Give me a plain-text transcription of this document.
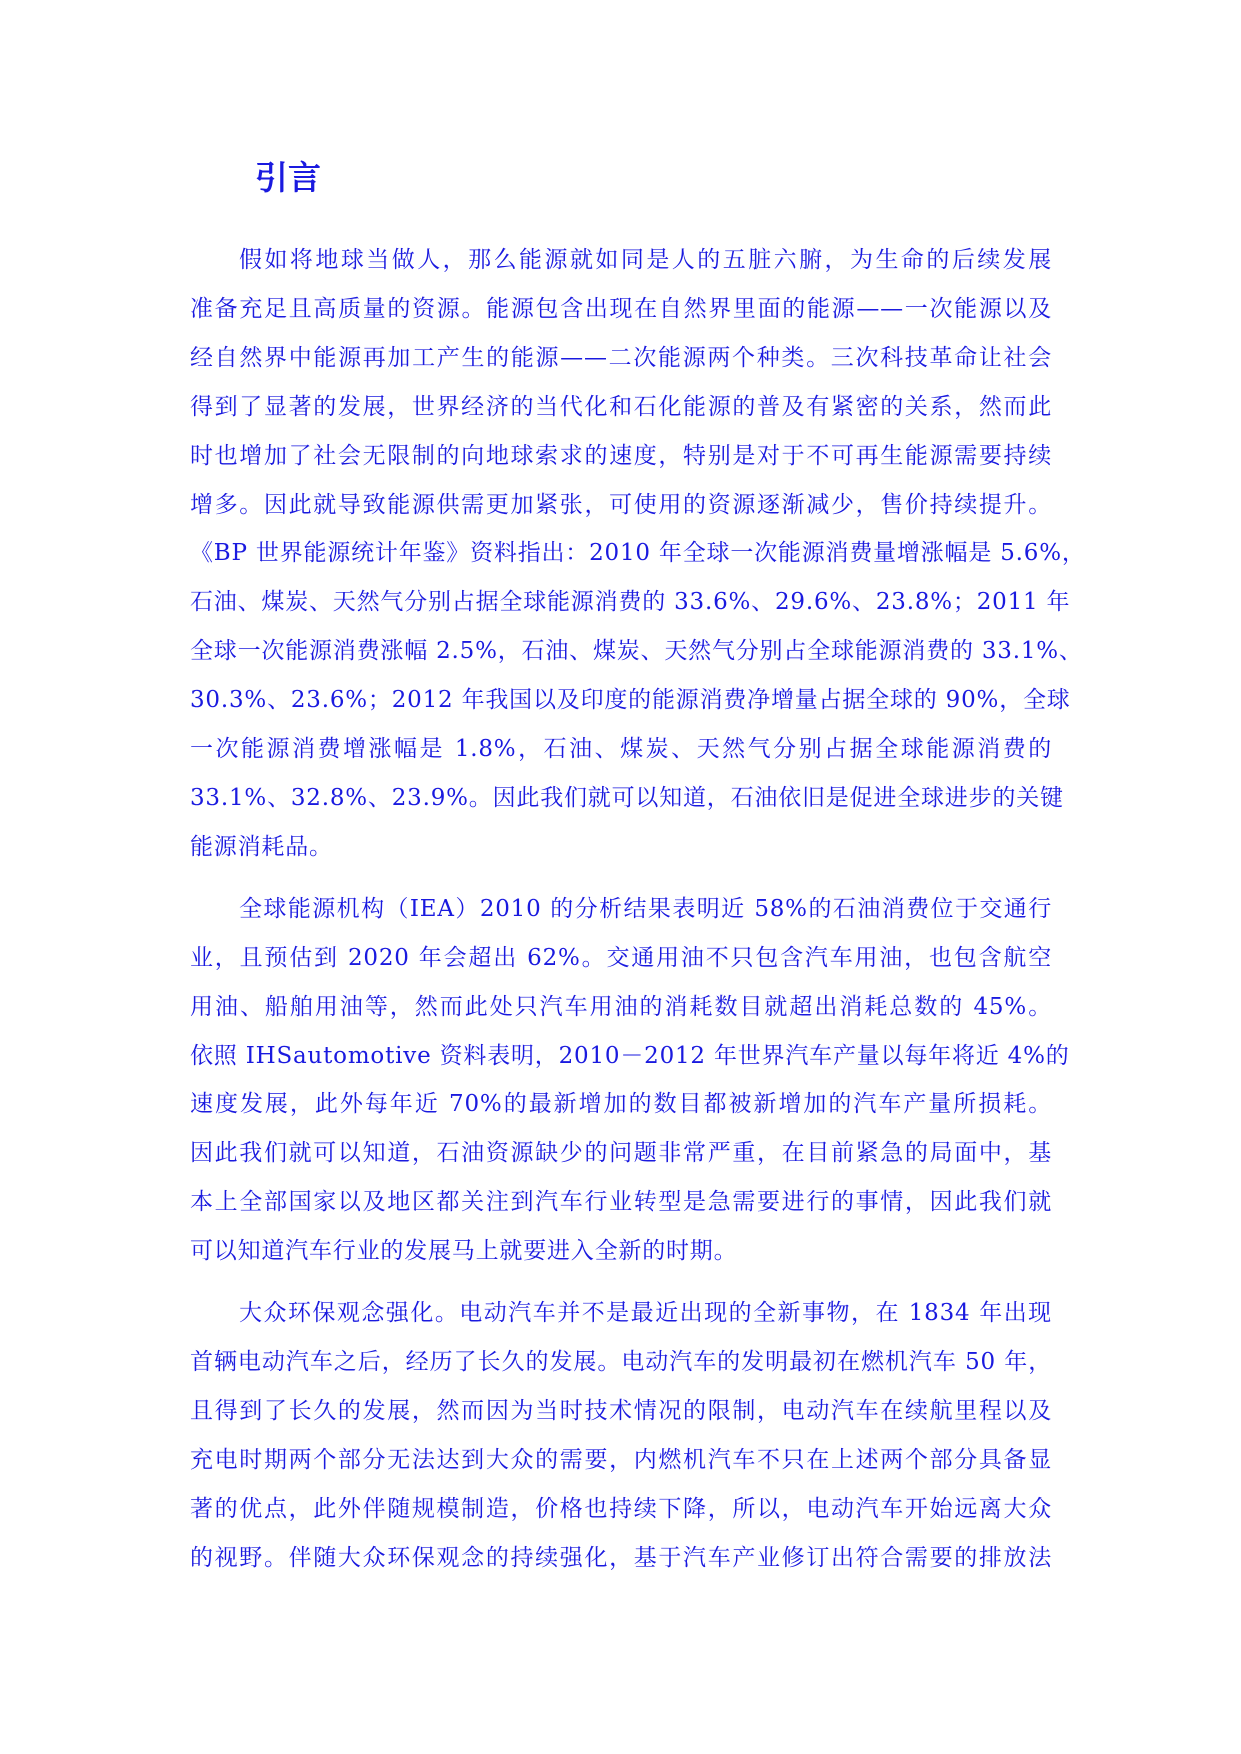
引言

假如将地球当做人，那么能源就如同是人的五脏六腑，为生命的后续发展
准备充足且高质量的资源。能源包含出现在自然界里面的能源——一次能源以及
经自然界中能源再加工产生的能源——二次能源两个种类。三次科技革命让社会
得到了显著的发展，世界经济的当代化和石化能源的普及有紧密的关系，然而此
时也增加了社会无限制的向地球索求的速度，特别是对于不可再生能源需要持续
增多。因此就导致能源供需更加紧张，可使用的资源逐渐减少，售价持续提升。
《BP 世界能源统计年鉴》资料指出：2010 年全球一次能源消费量增涨幅是 5.6%，
石油、煤炭、天然气分别占据全球能源消费的 33.6%、29.6%、23.8%；2011 年
全球一次能源消费涨幅 2.5%，石油、煤炭、天然气分别占全球能源消费的 33.1%、
30.3%、23.6%；2012 年我国以及印度的能源消费净增量占据全球的 90%，全球
一次能源消费增涨幅是 1.8%，石油、煤炭、天然气分别占据全球能源消费的
33.1%、32.8%、23.9%。因此我们就可以知道，石油依旧是促进全球进步的关键
能源消耗品。

全球能源机构（IEA）2010 的分析结果表明近 58%的石油消费位于交通行
业，且预估到 2020 年会超出 62%。交通用油不只包含汽车用油，也包含航空
用油、船舶用油等，然而此处只汽车用油的消耗数目就超出消耗总数的 45%。
依照 IHSautomotive 资料表明，2010－2012 年世界汽车产量以每年将近 4%的
速度发展，此外每年近 70%的最新增加的数目都被新增加的汽车产量所损耗。
因此我们就可以知道，石油资源缺少的问题非常严重，在目前紧急的局面中，基
本上全部国家以及地区都关注到汽车行业转型是急需要进行的事情，因此我们就
可以知道汽车行业的发展马上就要进入全新的时期。

大众环保观念强化。电动汽车并不是最近出现的全新事物，在 1834 年出现
首辆电动汽车之后，经历了长久的发展。电动汽车的发明最初在燃机汽车 50 年，
且得到了长久的发展，然而因为当时技术情况的限制，电动汽车在续航里程以及
充电时期两个部分无法达到大众的需要，内燃机汽车不只在上述两个部分具备显
著的优点，此外伴随规模制造，价格也持续下降，所以，电动汽车开始远离大众
的视野。伴随大众环保观念的持续强化，基于汽车产业修订出符合需要的排放法
